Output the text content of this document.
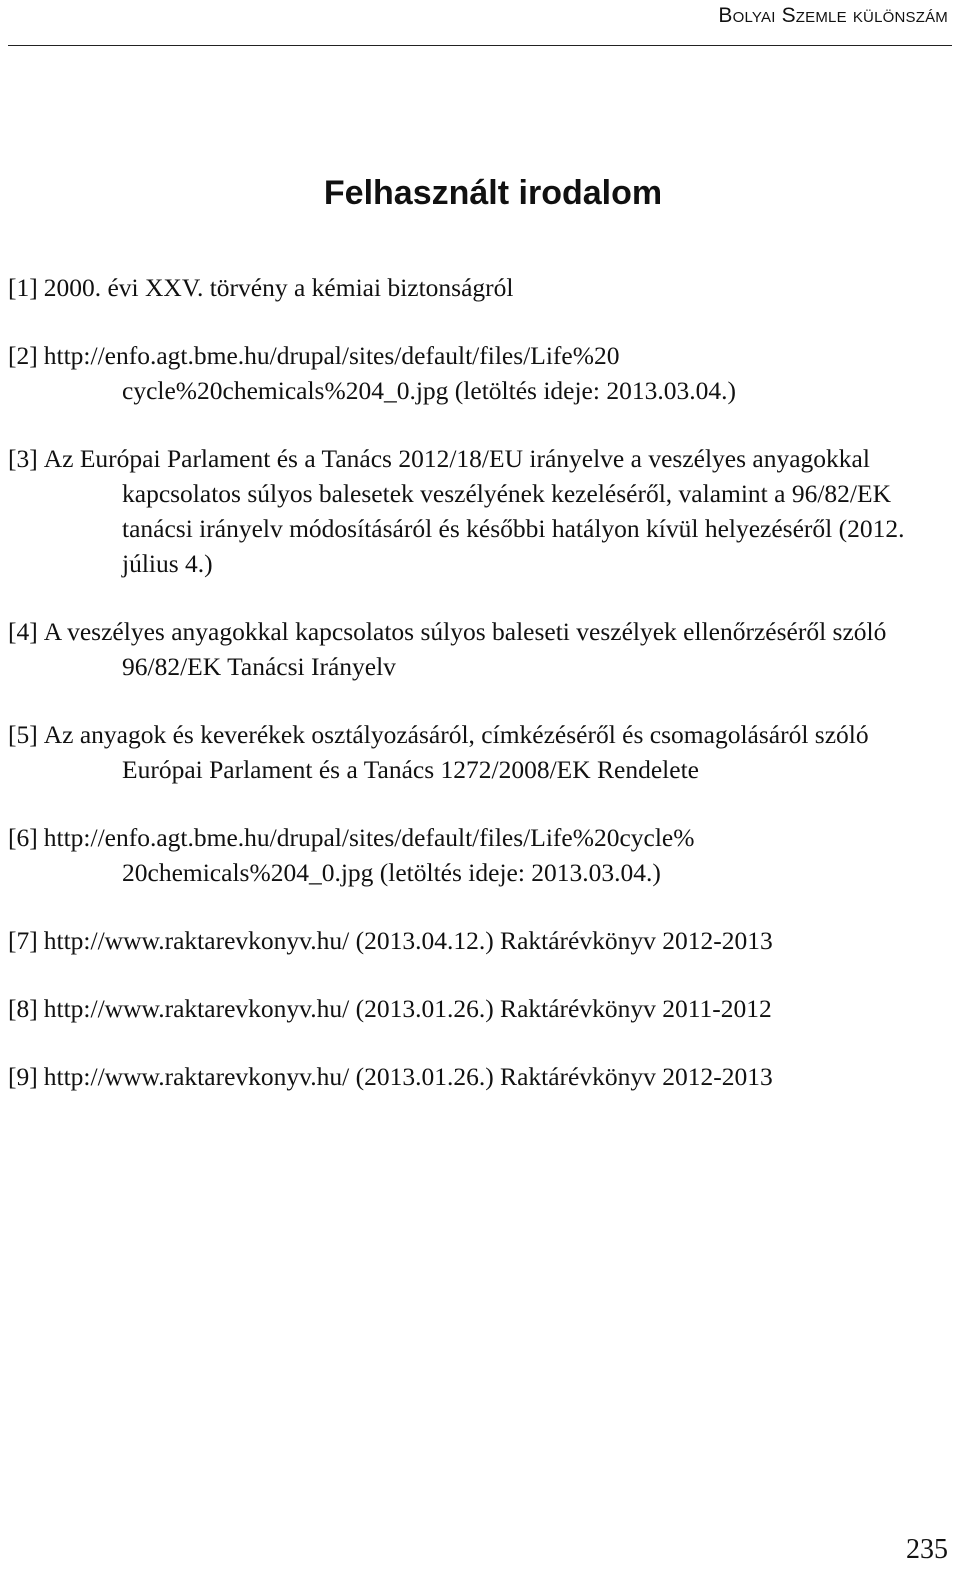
Bolyai Szemle különszám
Felhasznált irodalom
[1] 2000. évi XXV. törvény a kémiai biztonságról
[2] http://enfo.agt.bme.hu/drupal/sites/default/files/Life%20 cycle%20chemicals%204_0.jpg (letöltés ideje: 2013.03.04.)
[3] Az Európai Parlament és a Tanács 2012/18/EU irányelve a veszélyes anyagokkal kapcsolatos súlyos balesetek veszélyének kezeléséről, valamint a 96/82/EK tanácsi irányelv módosításáról és későbbi hatályon kívül helyezéséről (2012. július 4.)
[4] A veszélyes anyagokkal kapcsolatos súlyos baleseti veszélyek ellenőrzéséről szóló 96/82/EK Tanácsi Irányelv
[5] Az anyagok és keverékek osztályozásáról, címkézéséről és csomagolásáról szóló Európai Parlament és a Tanács 1272/2008/EK Rendelete
[6] http://enfo.agt.bme.hu/drupal/sites/default/files/Life%20cycle% 20chemicals%204_0.jpg (letöltés ideje: 2013.03.04.)
[7] http://www.raktarevkonyv.hu/ (2013.04.12.) Raktárévkönyv 2012-2013
[8] http://www.raktarevkonyv.hu/ (2013.01.26.) Raktárévkönyv 2011-2012
[9] http://www.raktarevkonyv.hu/ (2013.01.26.) Raktárévkönyv 2012-2013
235
